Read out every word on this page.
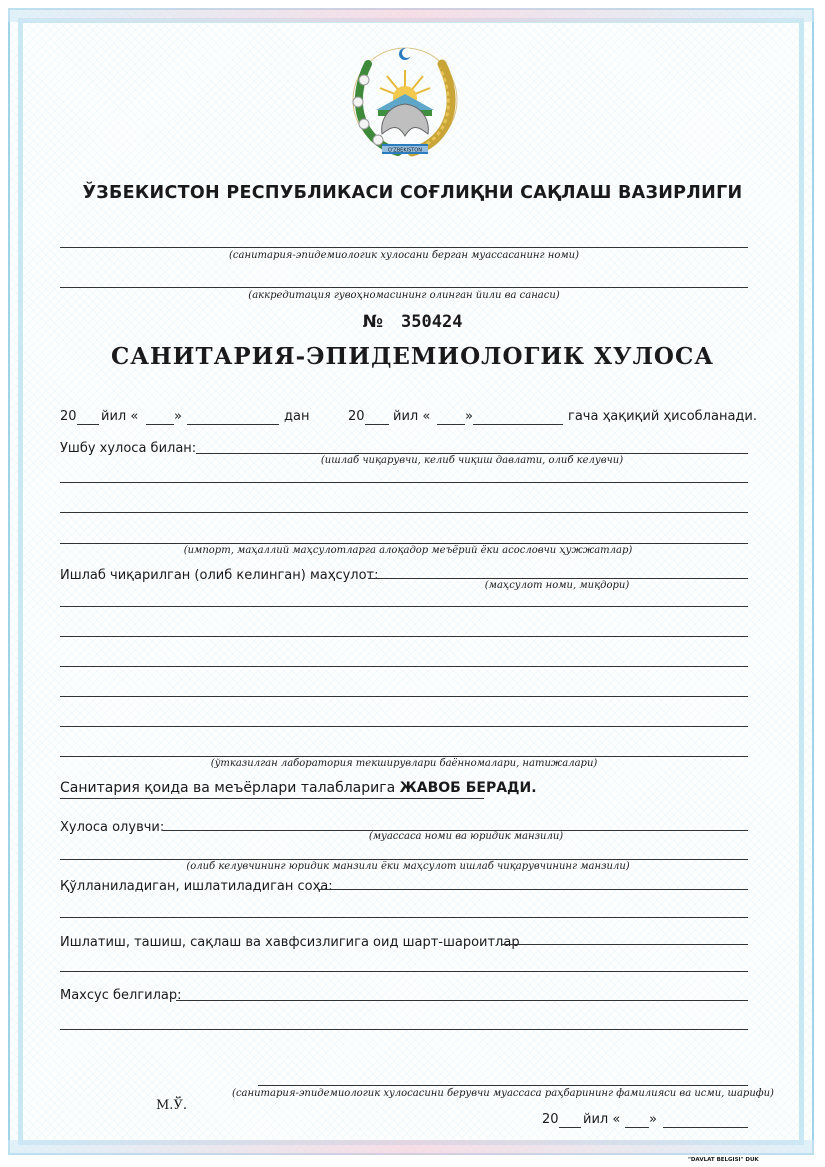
O'ZBEKISTON
ЎЗБЕКИСТОН РЕСПУБЛИКАСИ СОҒЛИҚНИ САҚЛАШ ВАЗИРЛИГИ
(санитария-эпидемиологик хулосани берган муассасанинг номи)
(аккредитация гувоҳномасининг олинган йили ва санаси)
№ 350424
САНИТАРИЯ-ЭПИДЕМИОЛОГИК ХУЛОСА
20 йил «	»	дан	20 йил «	»	гача ҳақиқий ҳисобланади.
Ушбу хулоса билан:
(ишлаб чиқарувчи, келиб чиқиш давлати, олиб келувчи)
(импорт, маҳаллий маҳсулотларга алоқадор меъёрий ёки асословчи ҳужжатлар)
Ишлаб чиқарилган (олиб келинган) маҳсулот:
(маҳсулот номи, миқдори)
(ўтказилган лаборатория текширувлари баённомалари, натижалари)
Санитария қоида ва меъёрлари талабларига ЖАВОБ БЕРАДИ.
Хулоса олувчи:
(муассаса номи ва юридик манзили)
(олиб келувчининг юридик манзили ёки маҳсулот ишлаб чиқарувчининг манзили)
Қўлланиладиган, ишлатиладиган соҳа:
Ишлатиш, ташиш, сақлаш ва хавфсизлигига оид шарт-шароитлар
Махсус белгилар:
(санитария-эпидемиологик хулосасини берувчи муассаса раҳбарининг фамилияси ва исми, шарифи)
М.Ў.
20 йил « »
"DAVLAT BELGISI" DUK
